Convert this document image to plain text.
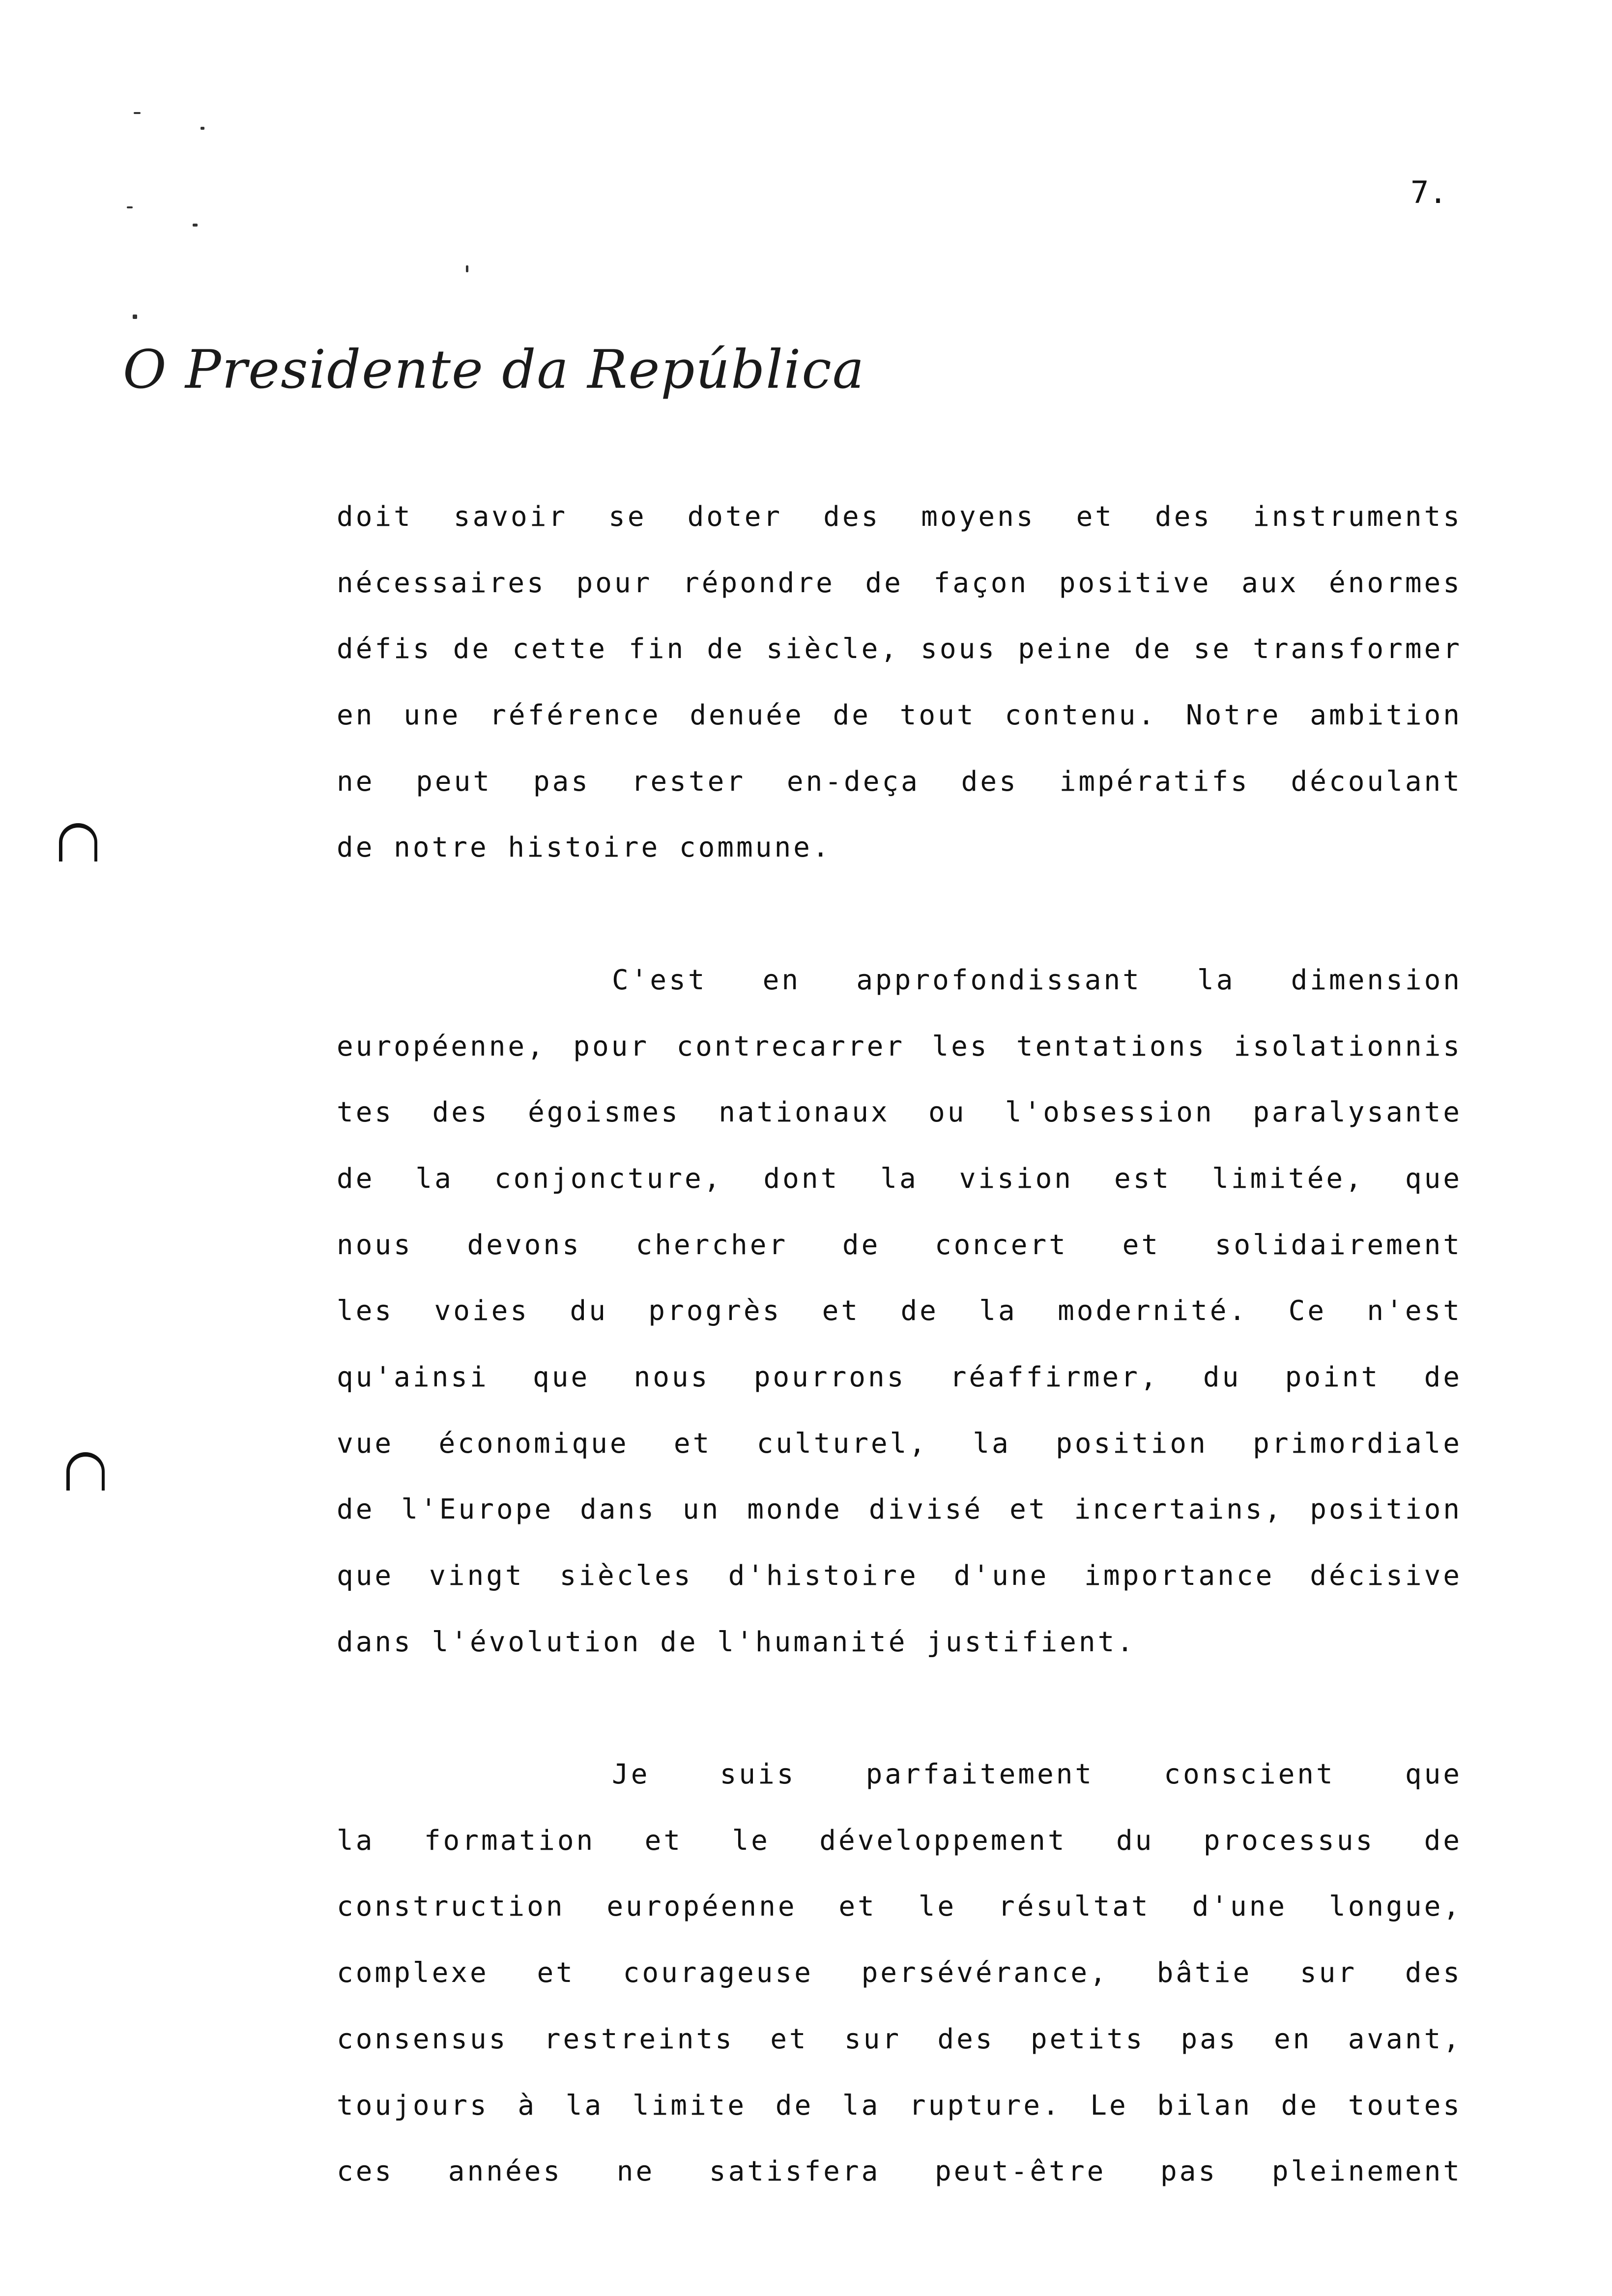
7.
O Presidente da República
doit savoir se doter des moyens et des instruments
nécessaires pour répondre de façon positive aux énormes
défis de cette fin de siècle, sous peine de se transformer
en une référence denuée de tout contenu. Notre ambition
ne peut pas rester en-deça des impératifs découlant
de notre histoire commune.
C'est en approfondissant la dimension
européenne, pour contrecarrer les tentations isolationnis
tes des égoismes nationaux ou l'obsession paralysante
de la conjoncture, dont la vision est limitée, que
nous devons chercher de concert et solidairement
les voies du progrès et de la modernité. Ce n'est
qu'ainsi que nous pourrons réaffirmer, du point de
vue économique et culturel, la position primordiale
de l'Europe dans un monde divisé et incertains, position
que vingt siècles d'histoire d'une importance décisive
dans l'évolution de l'humanité justifient.
Je suis parfaitement conscient que
la formation et le développement du processus de
construction européenne et le résultat d'une longue,
complexe et courageuse persévérance, bâtie sur des
consensus restreints et sur des petits pas en avant,
toujours à la limite de la rupture. Le bilan de toutes
ces années ne satisfera peut-être pas pleinement
